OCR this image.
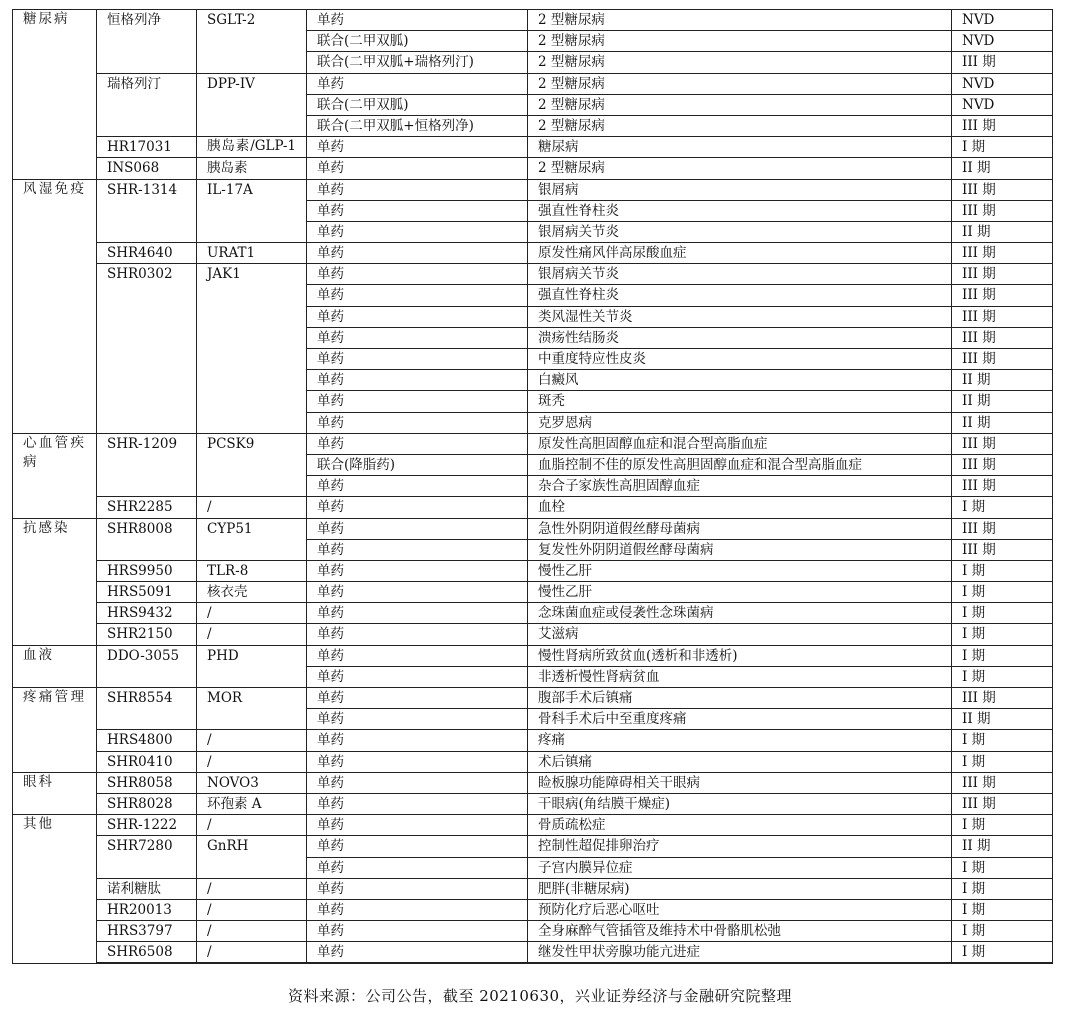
糖尿病	恒格列净	SGLT-2	单药	2 型糖尿病	NVD
			联合(二甲双胍)	2 型糖尿病	NVD
			联合(二甲双胍+瑞格列汀)	2 型糖尿病	III 期
	瑞格列汀	DPP-IV	单药	2 型糖尿病	NVD
			联合(二甲双胍)	2 型糖尿病	NVD
			联合(二甲双胍+恒格列净)	2 型糖尿病	III 期
	HR17031	胰岛素/GLP-1	单药	糖尿病	I 期
	INS068	胰岛素	单药	2 型糖尿病	II 期
风湿免疫	SHR-1314	IL-17A	单药	银屑病	III 期
			单药	强直性脊柱炎	III 期
			单药	银屑病关节炎	II 期
	SHR4640	URAT1	单药	原发性痛风伴高尿酸血症	III 期
	SHR0302	JAK1	单药	银屑病关节炎	III 期
			单药	强直性脊柱炎	III 期
			单药	类风湿性关节炎	III 期
			单药	溃疡性结肠炎	III 期
			单药	中重度特应性皮炎	III 期
			单药	白癜风	II 期
			单药	斑秃	II 期
			单药	克罗恩病	II 期
心血管疾病	SHR-1209	PCSK9	单药	原发性高胆固醇血症和混合型高脂血症	III 期
			联合(降脂药)	血脂控制不佳的原发性高胆固醇血症和混合型高脂血症	III 期
			单药	杂合子家族性高胆固醇血症	III 期
	SHR2285	/	单药	血栓	I 期
抗感染	SHR8008	CYP51	单药	急性外阴阴道假丝酵母菌病	III 期
			单药	复发性外阴阴道假丝酵母菌病	III 期
	HRS9950	TLR-8	单药	慢性乙肝	I 期
	HRS5091	核衣壳	单药	慢性乙肝	I 期
	HRS9432	/	单药	念珠菌血症或侵袭性念珠菌病	I 期
	SHR2150	/	单药	艾滋病	I 期
血液	DDO-3055	PHD	单药	慢性肾病所致贫血(透析和非透析)	I 期
			单药	非透析慢性肾病贫血	I 期
疼痛管理	SHR8554	MOR	单药	腹部手术后镇痛	III 期
			单药	骨科手术后中至重度疼痛	II 期
	HRS4800	/	单药	疼痛	I 期
	SHR0410	/	单药	术后镇痛	I 期
眼科	SHR8058	NOVO3	单药	睑板腺功能障碍相关干眼病	III 期
	SHR8028	环孢素 A	单药	干眼病(角结膜干燥症)	III 期
其他	SHR-1222	/	单药	骨质疏松症	I 期
	SHR7280	GnRH	单药	控制性超促排卵治疗	II 期
			单药	子宫内膜异位症	I 期
	诺利糖肽	/	单药	肥胖(非糖尿病)	I 期
	HR20013	/	单药	预防化疗后恶心呕吐	I 期
	HRS3797	/	单药	全身麻醉气管插管及维持术中骨骼肌松弛	I 期
	SHR6508	/	单药	继发性甲状旁腺功能亢进症	I 期
资料来源：公司公告，截至 20210630，兴业证券经济与金融研究院整理
